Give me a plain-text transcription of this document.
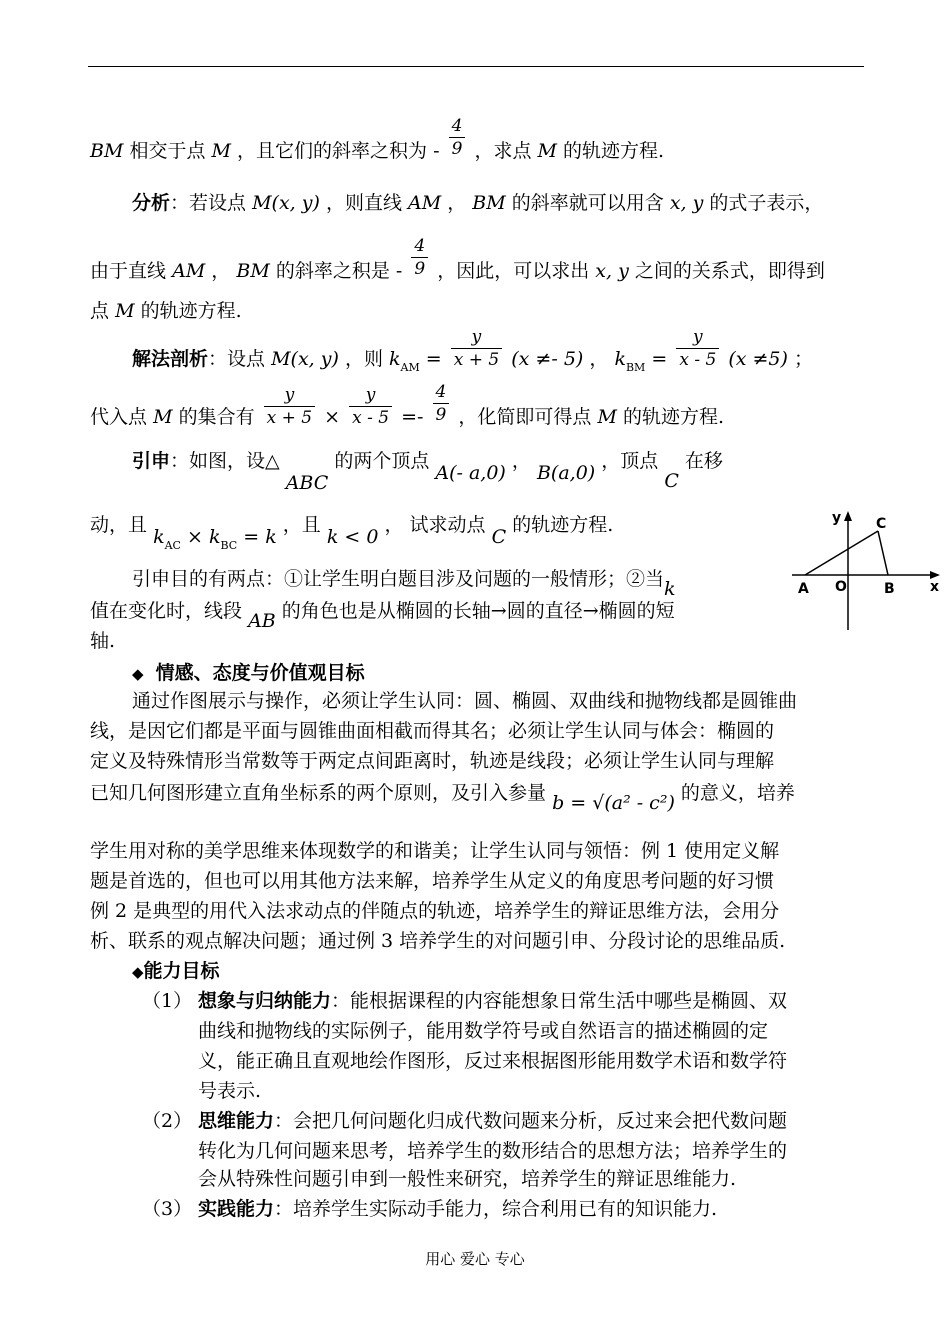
BM 相交于点 M ，且它们的斜率之积为 - $\frac{4}{9}$ ，求点 M 的轨迹方程.
分析：若设点 M(x, y) ，则直线 AM ， BM 的斜率就可以用含 x, y 的式子表示，
由于直线 AM ， BM 的斜率之积是 - $\frac{4}{9}$ ，因此，可以求出 x, y 之间的关系式，即得到
点 M 的轨迹方程.
解法剖析：设点 M(x, y) ，则 $k_{AM} = \frac{y}{x + 5} (x \ne- 5)$ ， $k_{BM} = \frac{y}{x - 5} (x \ne 5)$ ；
代入点 M 的集合有 $\frac{y}{x + 5} \times \frac{y}{x - 5} =- \frac{4}{9}$ ，化简即可得点 M 的轨迹方程.
引申：如图，设△ ABC 的两个顶点 A(- a,0) ， B(a,0) ，顶点 C 在移
动，且 $k_{AC} \times k_{BC} = k$ ，且 k < 0 ， 试求动点 C 的轨迹方程.
引申目的有两点：①让学生明白题目涉及问题的一般情形；②当k
值在变化时，线段 AB 的角色也是从椭圆的长轴→圆的直径→椭圆的短
轴.
y
x
C
A O	B
◆ 情感、态度与价值观目标
通过作图展示与操作，必须让学生认同：圆、椭圆、双曲线和抛物线都是圆锥曲
线，是因它们都是平面与圆锥曲面相截而得其名；必须让学生认同与体会：椭圆的
定义及特殊情形当常数等于两定点间距离时，轨迹是线段；必须让学生认同与理解
已知几何图形建立直角坐标系的两个原则，及引入参量 b = √(a² - c²) 的意义，培养
学生用对称的美学思维来体现数学的和谐美；让学生认同与领悟：例 1 使用定义解
题是首选的，但也可以用其他方法来解，培养学生从定义的角度思考问题的好习惯
例 2 是典型的用代入法求动点的伴随点的轨迹，培养学生的辩证思维方法，会用分
析、联系的观点解决问题；通过例 3 培养学生的对问题引申、分段讨论的思维品质.
◆能力目标
（1） 想象与归纳能力：能根据课程的内容能想象日常生活中哪些是椭圆、双
曲线和抛物线的实际例子，能用数学符号或自然语言的描述椭圆的定
义，能正确且直观地绘作图形，反过来根据图形能用数学术语和数学符
号表示.
（2） 思维能力：会把几何问题化归成代数问题来分析，反过来会把代数问题
转化为几何问题来思考，培养学生的数形结合的思想方法；培养学生的
会从特殊性问题引申到一般性来研究，培养学生的辩证思维能力.
（3） 实践能力：培养学生实际动手能力，综合利用已有的知识能力.
用心 爱心 专心
